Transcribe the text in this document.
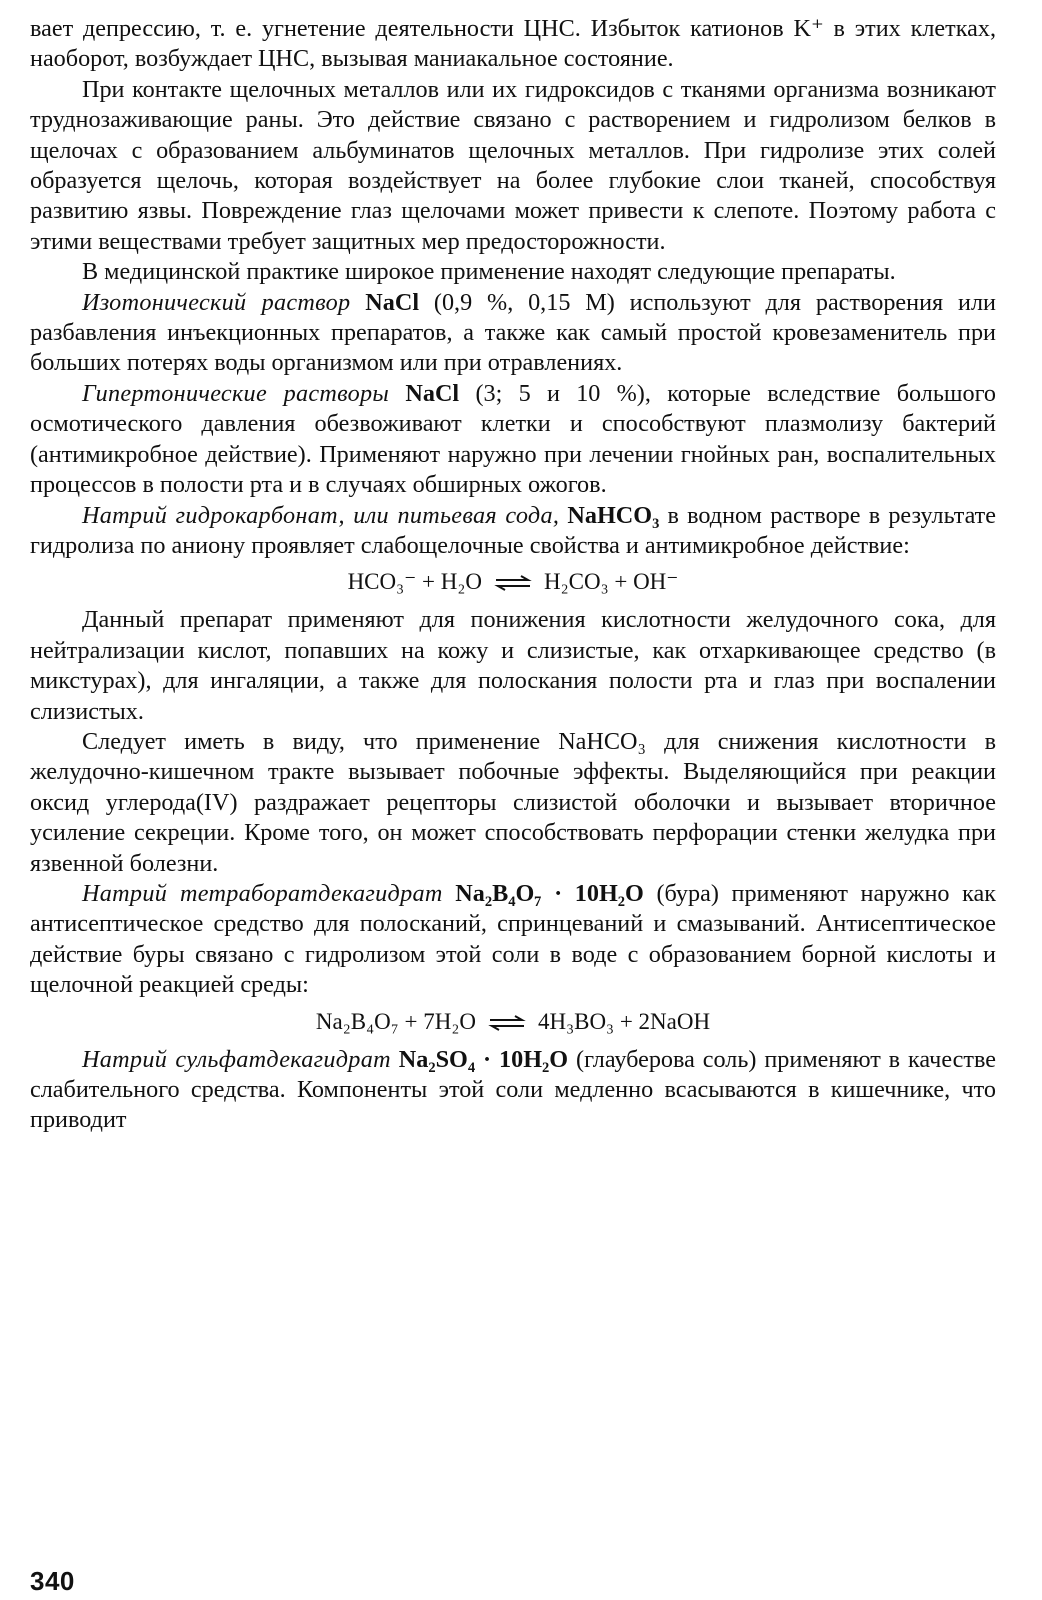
вает депрессию, т. е. угнетение деятельности ЦНС. Избыток катионов K⁺ в этих клетках, наоборот, возбуждает ЦНС, вызывая маниакальное состояние.

При контакте щелочных металлов или их гидроксидов с тканями организма возникают труднозаживающие раны. Это действие связано с растворением и гидролизом белков в щелочах с образованием альбуминатов щелочных металлов. При гидролизе этих солей образуется щелочь, которая воздействует на более глубокие слои тканей, способствуя развитию язвы. Повреждение глаз щелочами может привести к слепоте. Поэтому работа с этими веществами требует защитных мер предосторожности.

В медицинской практике широкое применение находят следующие препараты.

Изотонический раствор NaCl (0,9 %, 0,15 M) используют для растворения или разбавления инъекционных препаратов, а также как самый простой кровезаменитель при больших потерях воды организмом или при отравлениях.

Гипертонические растворы NaCl (3; 5 и 10 %), которые вследствие большого осмотического давления обезвоживают клетки и способствуют плазмолизу бактерий (антимикробное действие). Применяют наружно при лечении гнойных ран, воспалительных процессов в полости рта и в случаях обширных ожогов.

Натрий гидрокарбонат, или питьевая сода, NaHCO₃ в водном растворе в результате гидролиза по аниону проявляет слабощелочные свойства и антимикробное действие:

HCO₃⁻ + H₂O ⇌ H₂CO₃ + OH⁻

Данный препарат применяют для понижения кислотности желудочного сока, для нейтрализации кислот, попавших на кожу и слизистые, как отхаркивающее средство (в микстурах), для ингаляции, а также для полоскания полости рта и глаз при воспалении слизистых.

Следует иметь в виду, что применение NaHCO₃ для снижения кислотности в желудочно-кишечном тракте вызывает побочные эффекты. Выделяющийся при реакции оксид углерода(IV) раздражает рецепторы слизистой оболочки и вызывает вторичное усиление секреции. Кроме того, он может способствовать перфорации стенки желудка при язвенной болезни.

Натрий тетраборатдекагидрат Na₂B₄O₇ · 10H₂O (бура) применяют наружно как антисептическое средство для полосканий, спринцеваний и смазываний. Антисептическое действие буры связано с гидролизом этой соли в воде с образованием борной кислоты и щелочной реакцией среды:

Na₂B₄O₇ + 7H₂O ⇌ 4H₃BO₃ + 2NaOH

Натрий сульфатдекагидрат Na₂SO₄ · 10H₂O (глауберова соль) применяют в качестве слабительного средства. Компоненты этой соли медленно всасываются в кишечнике, что приводит

340
